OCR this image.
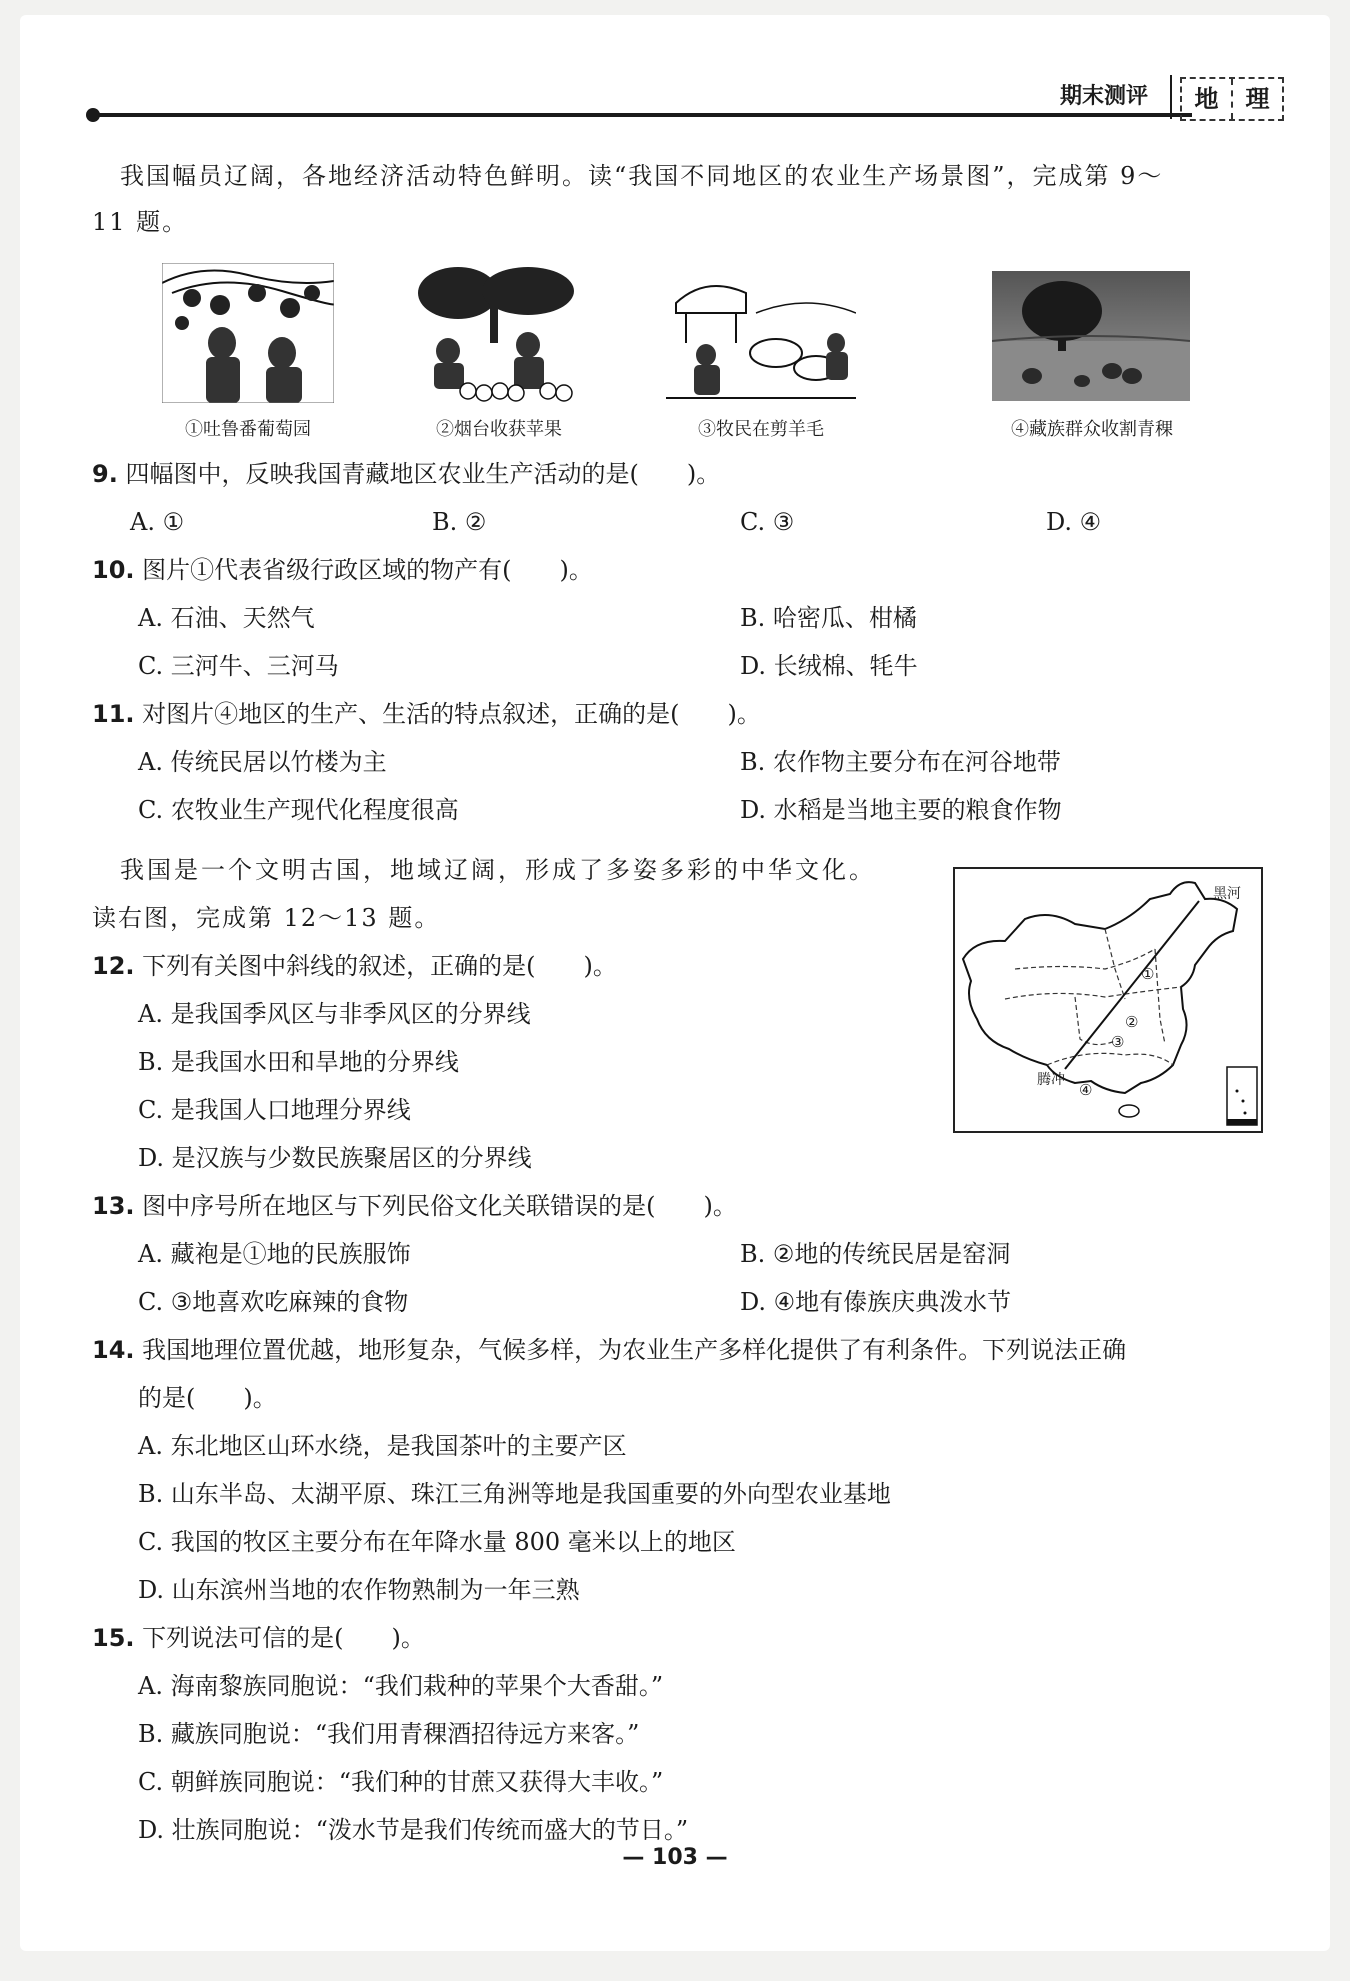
期末测评	地	理
我国幅员辽阔，各地经济活动特色鲜明。读“我国不同地区的农业生产场景图”，完成第 9～
11 题。
①吐鲁番葡萄园	②烟台收获苹果	③牧民在剪羊毛	④藏族群众收割青稞
9. 四幅图中，反映我国青藏地区农业生产活动的是(　　)。
A. ①	B. ②	C. ③	D. ④
10. 图片①代表省级行政区域的物产有(　　)。
A. 石油、天然气	B. 哈密瓜、柑橘
C. 三河牛、三河马	D. 长绒棉、牦牛
11. 对图片④地区的生产、生活的特点叙述，正确的是(　　)。
A. 传统民居以竹楼为主	B. 农作物主要分布在河谷地带
C. 农牧业生产现代化程度很高	D. 水稻是当地主要的粮食作物
我国是一个文明古国，地域辽阔，形成了多姿多彩的中华文化。
读右图，完成第 12～13 题。
黑河
腾冲
①
②
③
④
12. 下列有关图中斜线的叙述，正确的是(　　)。
A. 是我国季风区与非季风区的分界线
B. 是我国水田和旱地的分界线
C. 是我国人口地理分界线
D. 是汉族与少数民族聚居区的分界线
13. 图中序号所在地区与下列民俗文化关联错误的是(　　)。
A. 藏袍是①地的民族服饰	B. ②地的传统民居是窑洞
C. ③地喜欢吃麻辣的食物	D. ④地有傣族庆典泼水节
14. 我国地理位置优越，地形复杂，气候多样，为农业生产多样化提供了有利条件。下列说法正确
的是(　　)。
A. 东北地区山环水绕，是我国茶叶的主要产区
B. 山东半岛、太湖平原、珠江三角洲等地是我国重要的外向型农业基地
C. 我国的牧区主要分布在年降水量 800 毫米以上的地区
D. 山东滨州当地的农作物熟制为一年三熟
15. 下列说法可信的是(　　)。
A. 海南黎族同胞说：“我们栽种的苹果个大香甜。”
B. 藏族同胞说：“我们用青稞酒招待远方来客。”
C. 朝鲜族同胞说：“我们种的甘蔗又获得大丰收。”
D. 壮族同胞说：“泼水节是我们传统而盛大的节日。”
— 103 —
